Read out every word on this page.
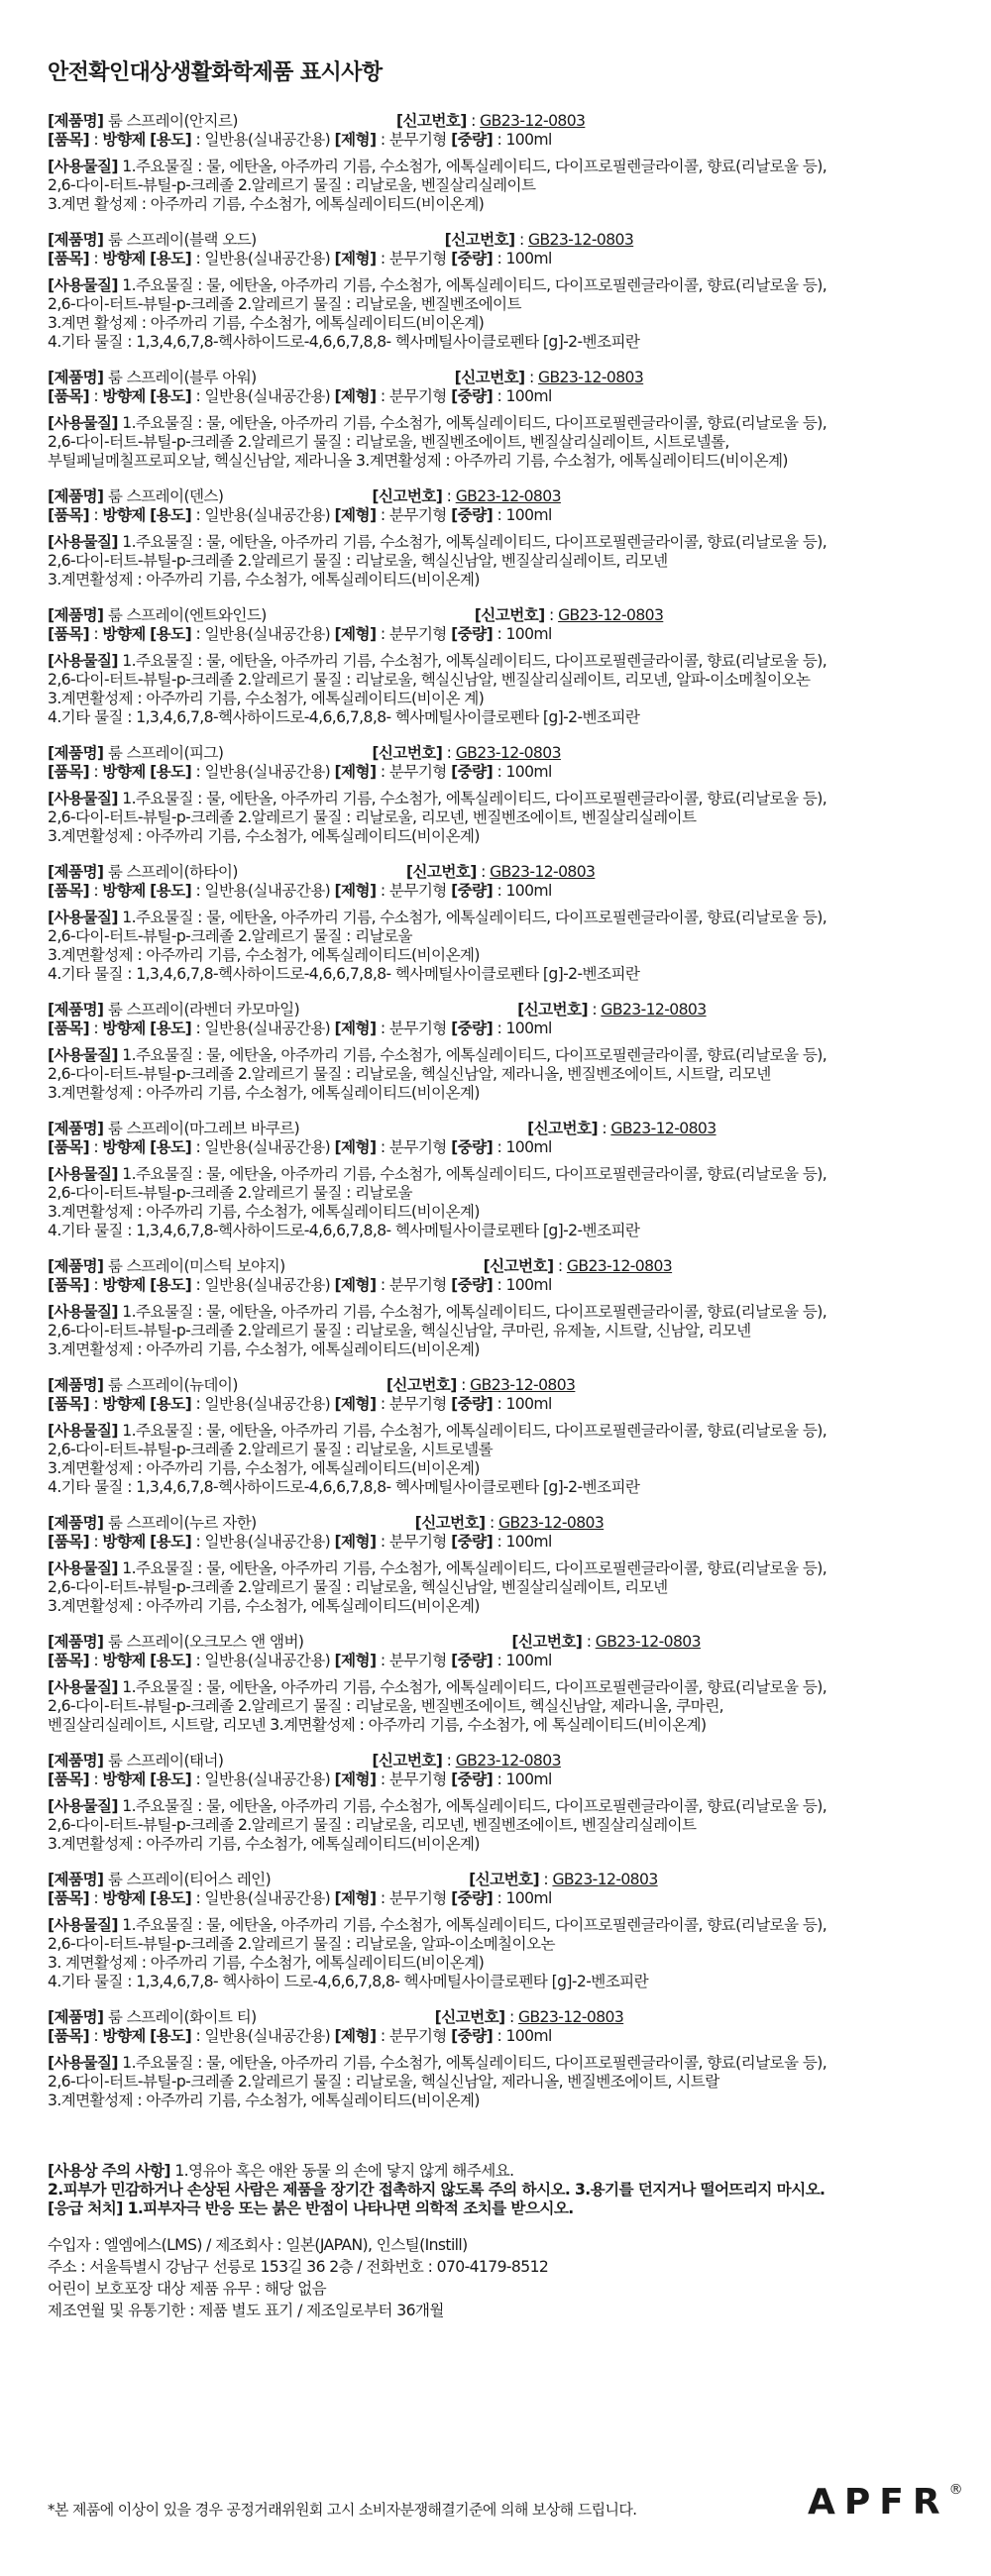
안전확인대상생활화학제품 표시사항
[제품명] 룸 스프레이(안지르)	[신고번호] : GB23-12-0803
[품목] : 방향제 [용도] : 일반용(실내공간용) [제형] : 분무기형 [중량] : 100ml
[사용물질] 1.주요물질 : 물, 에탄올, 아주까리 기름, 수소첨가, 에톡실레이티드, 다이프로필렌글라이콜, 향료(리날로울 등),
2,6-다이-터트-뷰틸-p-크레졸 2.알레르기 물질 : 리날로울, 벤질살리실레이트
3.계면 활성제 : 아주까리 기름, 수소첨가, 에톡실레이티드(비이온계)
[제품명] 룸 스프레이(블랙 오드)	[신고번호] : GB23-12-0803
[품목] : 방향제 [용도] : 일반용(실내공간용) [제형] : 분무기형 [중량] : 100ml
[사용물질] 1.주요물질 : 물, 에탄올, 아주까리 기름, 수소첨가, 에톡실레이티드, 다이프로필렌글라이콜, 향료(리날로울 등),
2,6-다이-터트-뷰틸-p-크레졸 2.알레르기 물질 : 리날로울, 벤질벤조에이트
3.계면 활성제 : 아주까리 기름, 수소첨가, 에톡실레이티드(비이온계)
4.기타 물질 : 1,3,4,6,7,8-헥사하이드로-4,6,6,7,8,8- 헥사메틸사이클로펜타 [g]-2-벤조피란
[제품명] 룸 스프레이(블루 아워)	[신고번호] : GB23-12-0803
[품목] : 방향제 [용도] : 일반용(실내공간용) [제형] : 분무기형 [중량] : 100ml
[사용물질] 1.주요물질 : 물, 에탄올, 아주까리 기름, 수소첨가, 에톡실레이티드, 다이프로필렌글라이콜, 향료(리날로울 등),
2,6-다이-터트-뷰틸-p-크레졸 2.알레르기 물질 : 리날로울, 벤질벤조에이트, 벤질살리실레이트, 시트로넬롤,
부틸페닐메칠프로피오날, 헥실신남알, 제라니올 3.계면활성제 : 아주까리 기름, 수소첨가, 에톡실레이티드(비이온계)
[제품명] 룸 스프레이(덴스)	[신고번호] : GB23-12-0803
[품목] : 방향제 [용도] : 일반용(실내공간용) [제형] : 분무기형 [중량] : 100ml
[사용물질] 1.주요물질 : 물, 에탄올, 아주까리 기름, 수소첨가, 에톡실레이티드, 다이프로필렌글라이콜, 향료(리날로울 등),
2,6-다이-터트-뷰틸-p-크레졸 2.알레르기 물질 : 리날로울, 헥실신남알, 벤질살리실레이트, 리모넨
3.계면활성제 : 아주까리 기름, 수소첨가, 에톡실레이티드(비이온계)
[제품명] 룸 스프레이(엔트와인드)	[신고번호] : GB23-12-0803
[품목] : 방향제 [용도] : 일반용(실내공간용) [제형] : 분무기형 [중량] : 100ml
[사용물질] 1.주요물질 : 물, 에탄올, 아주까리 기름, 수소첨가, 에톡실레이티드, 다이프로필렌글라이콜, 향료(리날로울 등),
2,6-다이-터트-뷰틸-p-크레졸 2.알레르기 물질 : 리날로울, 헥실신남알, 벤질살리실레이트, 리모넨, 알파-이소메칠이오논
3.계면활성제 : 아주까리 기름, 수소첨가, 에톡실레이티드(비이온 계)
4.기타 물질 : 1,3,4,6,7,8-헥사하이드로-4,6,6,7,8,8- 헥사메틸사이클로펜타 [g]-2-벤조피란
[제품명] 룸 스프레이(피그)	[신고번호] : GB23-12-0803
[품목] : 방향제 [용도] : 일반용(실내공간용) [제형] : 분무기형 [중량] : 100ml
[사용물질] 1.주요물질 : 물, 에탄올, 아주까리 기름, 수소첨가, 에톡실레이티드, 다이프로필렌글라이콜, 향료(리날로울 등),
2,6-다이-터트-뷰틸-p-크레졸 2.알레르기 물질 : 리날로울, 리모넨, 벤질벤조에이트, 벤질살리실레이트
3.계면활성제 : 아주까리 기름, 수소첨가, 에톡실레이티드(비이온계)
[제품명] 룸 스프레이(하타이)	[신고번호] : GB23-12-0803
[품목] : 방향제 [용도] : 일반용(실내공간용) [제형] : 분무기형 [중량] : 100ml
[사용물질] 1.주요물질 : 물, 에탄올, 아주까리 기름, 수소첨가, 에톡실레이티드, 다이프로필렌글라이콜, 향료(리날로울 등),
2,6-다이-터트-뷰틸-p-크레졸 2.알레르기 물질 : 리날로울
3.계면활성제 : 아주까리 기름, 수소첨가, 에톡실레이티드(비이온계)
4.기타 물질 : 1,3,4,6,7,8-헥사하이드로-4,6,6,7,8,8- 헥사메틸사이클로펜타 [g]-2-벤조피란
[제품명] 룸 스프레이(라벤더 카모마일)	[신고번호] : GB23-12-0803
[품목] : 방향제 [용도] : 일반용(실내공간용) [제형] : 분무기형 [중량] : 100ml
[사용물질] 1.주요물질 : 물, 에탄올, 아주까리 기름, 수소첨가, 에톡실레이티드, 다이프로필렌글라이콜, 향료(리날로울 등),
2,6-다이-터트-뷰틸-p-크레졸 2.알레르기 물질 : 리날로울, 헥실신남알, 제라니올, 벤질벤조에이트, 시트랄, 리모넨
3.계면활성제 : 아주까리 기름, 수소첨가, 에톡실레이티드(비이온계)
[제품명] 룸 스프레이(마그레브 바쿠르)	[신고번호] : GB23-12-0803
[품목] : 방향제 [용도] : 일반용(실내공간용) [제형] : 분무기형 [중량] : 100ml
[사용물질] 1.주요물질 : 물, 에탄올, 아주까리 기름, 수소첨가, 에톡실레이티드, 다이프로필렌글라이콜, 향료(리날로울 등),
2,6-다이-터트-뷰틸-p-크레졸 2.알레르기 물질 : 리날로울
3.계면활성제 : 아주까리 기름, 수소첨가, 에톡실레이티드(비이온계)
4.기타 물질 : 1,3,4,6,7,8-헥사하이드로-4,6,6,7,8,8- 헥사메틸사이클로펜타 [g]-2-벤조피란
[제품명] 룸 스프레이(미스틱 보야지)	[신고번호] : GB23-12-0803
[품목] : 방향제 [용도] : 일반용(실내공간용) [제형] : 분무기형 [중량] : 100ml
[사용물질] 1.주요물질 : 물, 에탄올, 아주까리 기름, 수소첨가, 에톡실레이티드, 다이프로필렌글라이콜, 향료(리날로울 등),
2,6-다이-터트-뷰틸-p-크레졸 2.알레르기 물질 : 리날로울, 헥실신남알, 쿠마린, 유제놀, 시트랄, 신남알, 리모넨
3.계면활성제 : 아주까리 기름, 수소첨가, 에톡실레이티드(비이온계)
[제품명] 룸 스프레이(뉴데이)	[신고번호] : GB23-12-0803
[품목] : 방향제 [용도] : 일반용(실내공간용) [제형] : 분무기형 [중량] : 100ml
[사용물질] 1.주요물질 : 물, 에탄올, 아주까리 기름, 수소첨가, 에톡실레이티드, 다이프로필렌글라이콜, 향료(리날로울 등),
2,6-다이-터트-뷰틸-p-크레졸 2.알레르기 물질 : 리날로울, 시트로넬롤
3.계면활성제 : 아주까리 기름, 수소첨가, 에톡실레이티드(비이온계)
4.기타 물질 : 1,3,4,6,7,8-헥사하이드로-4,6,6,7,8,8- 헥사메틸사이클로펜타 [g]-2-벤조피란
[제품명] 룸 스프레이(누르 자한)	[신고번호] : GB23-12-0803
[품목] : 방향제 [용도] : 일반용(실내공간용) [제형] : 분무기형 [중량] : 100ml
[사용물질] 1.주요물질 : 물, 에탄올, 아주까리 기름, 수소첨가, 에톡실레이티드, 다이프로필렌글라이콜, 향료(리날로울 등),
2,6-다이-터트-뷰틸-p-크레졸 2.알레르기 물질 : 리날로울, 헥실신남알, 벤질살리실레이트, 리모넨
3.계면활성제 : 아주까리 기름, 수소첨가, 에톡실레이티드(비이온계)
[제품명] 룸 스프레이(오크모스 앤 앰버)	[신고번호] : GB23-12-0803
[품목] : 방향제 [용도] : 일반용(실내공간용) [제형] : 분무기형 [중량] : 100ml
[사용물질] 1.주요물질 : 물, 에탄올, 아주까리 기름, 수소첨가, 에톡실레이티드, 다이프로필렌글라이콜, 향료(리날로울 등),
2,6-다이-터트-뷰틸-p-크레졸 2.알레르기 물질 : 리날로울, 벤질벤조에이트, 헥실신남알, 제라니올, 쿠마린,
벤질살리실레이트, 시트랄, 리모넨 3.계면활성제 : 아주까리 기름, 수소첨가, 에 톡실레이티드(비이온계)
[제품명] 룸 스프레이(태너)	[신고번호] : GB23-12-0803
[품목] : 방향제 [용도] : 일반용(실내공간용) [제형] : 분무기형 [중량] : 100ml
[사용물질] 1.주요물질 : 물, 에탄올, 아주까리 기름, 수소첨가, 에톡실레이티드, 다이프로필렌글라이콜, 향료(리날로울 등),
2,6-다이-터트-뷰틸-p-크레졸 2.알레르기 물질 : 리날로울, 리모넨, 벤질벤조에이트, 벤질살리실레이트
3.계면활성제 : 아주까리 기름, 수소첨가, 에톡실레이티드(비이온계)
[제품명] 룸 스프레이(티어스 레인)	[신고번호] : GB23-12-0803
[품목] : 방향제 [용도] : 일반용(실내공간용) [제형] : 분무기형 [중량] : 100ml
[사용물질] 1.주요물질 : 물, 에탄올, 아주까리 기름, 수소첨가, 에톡실레이티드, 다이프로필렌글라이콜, 향료(리날로울 등),
2,6-다이-터트-뷰틸-p-크레졸 2.알레르기 물질 : 리날로울, 알파-이소메칠이오논
3. 계면활성제 : 아주까리 기름, 수소첨가, 에톡실레이티드(비이온계)
4.기타 물질 : 1,3,4,6,7,8- 헥사하이 드로-4,6,6,7,8,8- 헥사메틸사이클로펜타 [g]-2-벤조피란
[제품명] 룸 스프레이(화이트 티)	[신고번호] : GB23-12-0803
[품목] : 방향제 [용도] : 일반용(실내공간용) [제형] : 분무기형 [중량] : 100ml
[사용물질] 1.주요물질 : 물, 에탄올, 아주까리 기름, 수소첨가, 에톡실레이티드, 다이프로필렌글라이콜, 향료(리날로울 등),
2,6-다이-터트-뷰틸-p-크레졸 2.알레르기 물질 : 리날로울, 헥실신남알, 제라니올, 벤질벤조에이트, 시트랄
3.계면활성제 : 아주까리 기름, 수소첨가, 에톡실레이티드(비이온계)
[사용상 주의 사항] 1.영유아 혹은 애완 동물 의 손에 닿지 않게 해주세요.
2.피부가 민감하거나 손상된 사람은 제품을 장기간 접촉하지 않도록 주의 하시오. 3.용기를 던지거나 떨어뜨리지 마시오.
[응급 처치] 1.피부자극 반응 또는 붉은 반점이 나타나면 의학적 조치를 받으시오.
수입자 : 엘엠에스(LMS) / 제조회사 : 일본(JAPAN), 인스틸(Instill)
주소 : 서울특별시 강남구 선릉로 153길 36 2층 / 전화번호 : 070-4179-8512
어린이 보호포장 대상 제품 유무 : 해당 없음
제조연월 및 유통기한 : 제품 별도 표기 / 제조일로부터 36개월
*본 제품에 이상이 있을 경우 공정거래위원회 고시 소비자분쟁해결기준에 의해 보상해 드립니다.	APFR®
